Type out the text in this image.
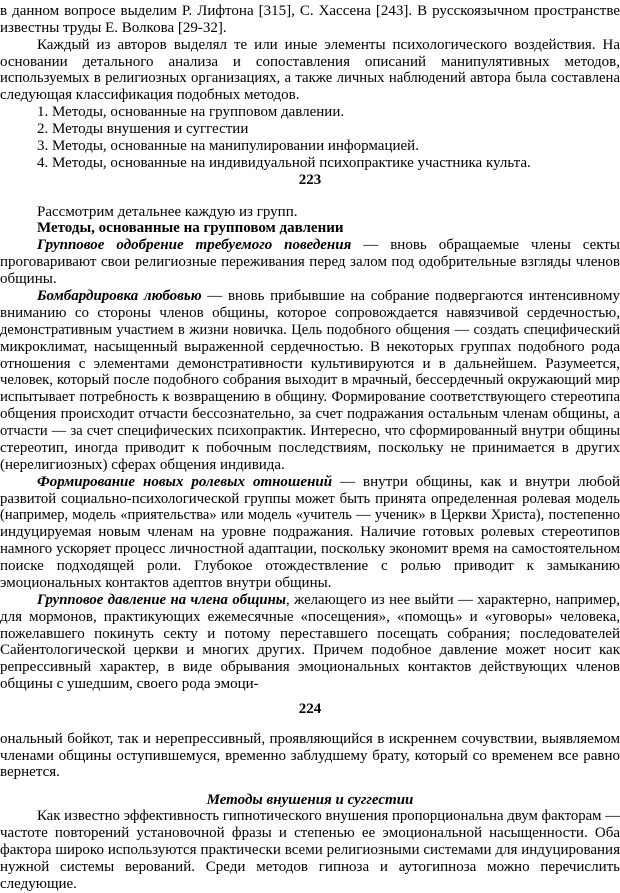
в данном вопросе выделим Р. Лифтона [315], С. Хассена [243]. В русскоязычном пространстве

известны труды Е. Волкова [29-32].

Каждый из авторов выделял те или иные элементы психологического воздействия. На

основании детального анализа и сопоставления описаний манипулятивных методов,

используемых в религиозных организациях, а также личных наблюдений автора была составлена

следующая классификация подобных методов.

1. Методы, основанные на групповом давлении.

2. Методы внушения и суггестии

3. Методы, основанные на манипулировании информацией.

4. Методы, основанные на индивидуальной психопрактике участника культа.

223

Рассмотрим детальнее каждую из групп.

Методы, основанные на групповом давлении

Групповое одобрение требуемого поведения — вновь обращаемые члены секты

проговаривают свои религиозные переживания перед залом под одобрительные взгляды членов

общины.

Бомбардировка любовью — вновь прибывшие на собрание подвергаются интенсивному

вниманию со стороны членов общины, которое сопровождается навязчивой сердечностью,

демонстративным участием в жизни новичка. Цель подобного общения — создать специфический

микроклимат, насыщенный выраженной сердечностью. В некоторых группах подобного рода

отношения с элементами демонстративности культивируются и в дальнейшем. Разумеется,

человек, который после подобного собрания выходит в мрачный, бессердечный окружающий мир

испытывает потребность к возвращению в общину. Формирование соответствующего стереотипа

общения происходит отчасти бессознательно, за счет подражания остальным членам общины, а

отчасти — за счет специфических психопрактик. Интересно, что сформированный внутри общины

стереотип, иногда приводит к побочным последствиям, поскольку не принимается в других

(нерелигиозных) сферах общения индивида.

Формирование новых ролевых отношений — внутри общины, как и внутри любой

развитой социально-психологической группы может быть принята определенная ролевая модель

(например, модель «приятельства» или модель «учитель — ученик» в Церкви Христа), постепенно

индуцируемая новым членам на уровне подражания. Наличие готовых ролевых стереотипов

намного ускоряет процесс личностной адаптации, поскольку экономит время на самостоятельном

поиске подходящей роли. Глубокое отождествление с ролью приводит к замыканию

эмоциональных контактов адептов внутри общины.

Групповое давление на члена общины, желающего из нее выйти — характерно, например,

для мормонов, практикующих ежемесячные «посещения», «помощь» и «уговоры» человека,

пожелавшего покинуть секту и потому переставшего посещать собрания; последователей

Сайентологической церкви и многих других. Причем подобное давление может носит как

репрессивный характер, в виде обрывания эмоциональных контактов действующих членов

общины с ушедшим, своего рода эмоци-

224

ональный бойкот, так и нерепрессивный, проявляющийся в искреннем сочувствии, выявляемом

членами общины оступившемуся, временно заблудшему брату, который со временем все равно

вернется.

Методы внушения и суггестии

Как известно эффективность гипнотического внушения пропорциональна двум факторам —

частоте повторений установочной фразы и степенью ее эмоциональной насыщенности. Оба

фактора широко используются практически всеми религиозными системами для индуцирования

нужной системы верований. Среди методов гипноза и аутогипноза можно перечислить

следующие.
